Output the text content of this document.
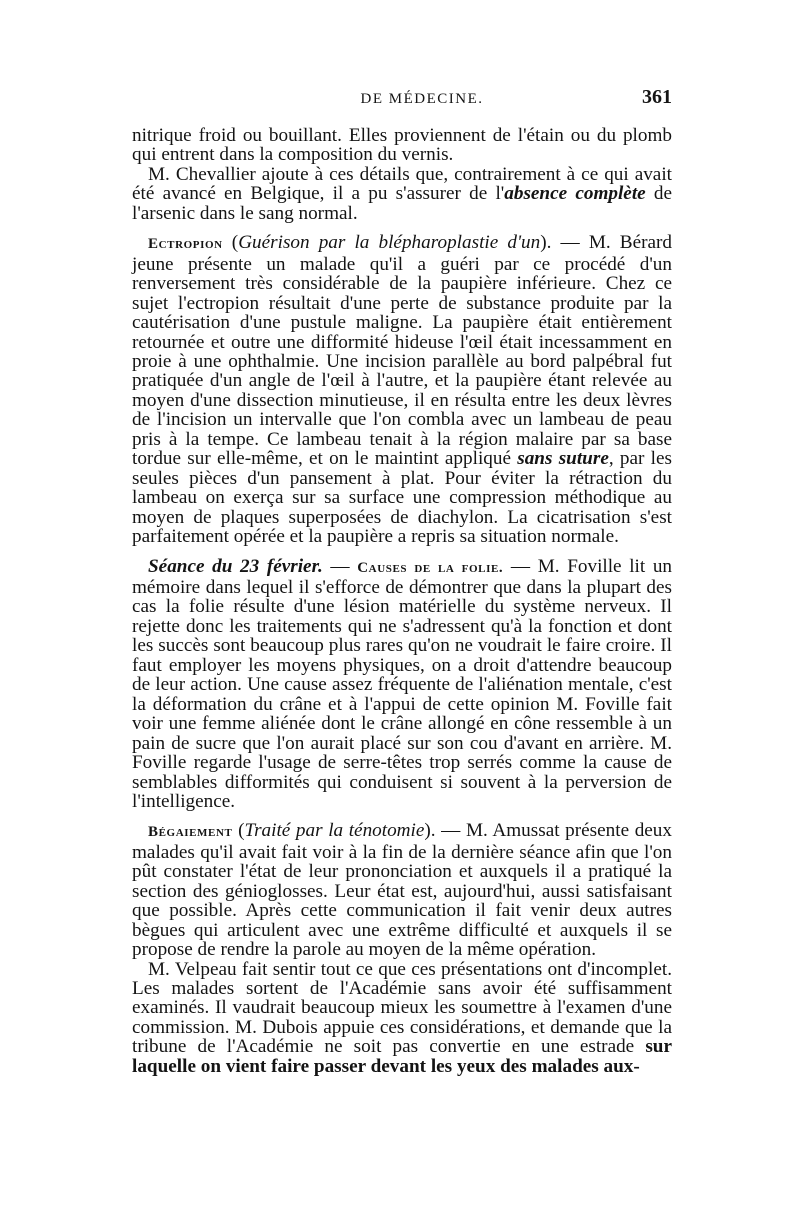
DE MÉDECINE.	361

nitrique froid ou bouillant. Elles proviennent de l'étain ou du plomb qui entrent dans la composition du vernis.

M. Chevallier ajoute à ces détails que, contrairement à ce qui avait été avancé en Belgique, il a pu s'assurer de l'absence complète de l'arsenic dans le sang normal.

Ectropion (Guérison par la blépharoplastie d'un). — M. Bérard jeune présente un malade qu'il a guéri par ce procédé d'un renversement très considérable de la paupière inférieure. Chez ce sujet l'ectropion résultait d'une perte de substance produite par la cautérisation d'une pustule maligne. La paupière était entièrement retournée et outre une difformité hideuse l'œil était incessamment en proie à une ophthalmie. Une incision parallèle au bord palpébral fut pratiquée d'un angle de l'œil à l'autre, et la paupière étant relevée au moyen d'une dissection minutieuse, il en résulta entre les deux lèvres de l'incision un intervalle que l'on combla avec un lambeau de peau pris à la tempe. Ce lambeau tenait à la région malaire par sa base tordue sur elle-même, et on le maintint appliqué sans suture, par les seules pièces d'un pansement à plat. Pour éviter la rétraction du lambeau on exerça sur sa surface une compression méthodique au moyen de plaques superposées de diachylon. La cicatrisation s'est parfaitement opérée et la paupière a repris sa situation normale.

Séance du 23 février. — Causes de la folie. — M. Foville lit un mémoire dans lequel il s'efforce de démontrer que dans la plupart des cas la folie résulte d'une lésion matérielle du système nerveux. Il rejette donc les traitements qui ne s'adressent qu'à la fonction et dont les succès sont beaucoup plus rares qu'on ne voudrait le faire croire. Il faut employer les moyens physiques, on a droit d'attendre beaucoup de leur action. Une cause assez fréquente de l'aliénation mentale, c'est la déformation du crâne et à l'appui de cette opinion M. Foville fait voir une femme aliénée dont le crâne allongé en cône ressemble à un pain de sucre que l'on aurait placé sur son cou d'avant en arrière. M. Foville regarde l'usage de serre-têtes trop serrés comme la cause de semblables difformités qui conduisent si souvent à la perversion de l'intelligence.

Bégaiement (Traité par la ténotomie). — M. Amussat présente deux malades qu'il avait fait voir à la fin de la dernière séance afin que l'on pût constater l'état de leur prononciation et auxquels il a pratiqué la section des génioglosses. Leur état est, aujourd'hui, aussi satisfaisant que possible. Après cette communication il fait venir deux autres bègues qui articulent avec une extrême difficulté et auxquels il se propose de rendre la parole au moyen de la même opération.

M. Velpeau fait sentir tout ce que ces présentations ont d'incomplet. Les malades sortent de l'Académie sans avoir été suffisamment examinés. Il vaudrait beaucoup mieux les soumettre à l'examen d'une commission. M. Dubois appuie ces considérations, et demande que la tribune de l'Académie ne soit pas convertie en une estrade sur laquelle on vient faire passer devant les yeux des malades aux-
